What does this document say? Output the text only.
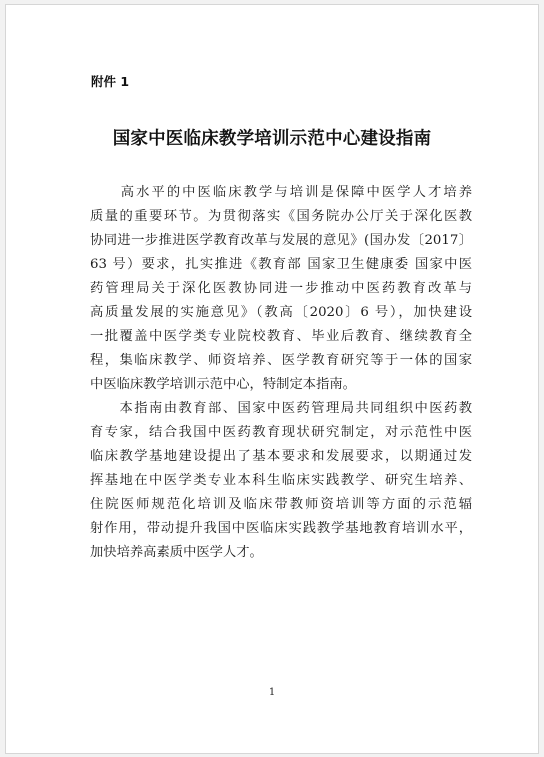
附件 1
国家中医临床教学培训示范中心建设指南
　　高水平的中医临床教学与培训是保障中医学人才培养
质量的重要环节。为贯彻落实《国务院办公厅关于深化医教
协同进一步推进医学教育改革与发展的意见》(国办发〔2017〕
63 号）要求，扎实推进《教育部 国家卫生健康委 国家中医
药管理局关于深化医教协同进一步推动中医药教育改革与
高质量发展的实施意见》（教高〔2020〕6 号），加快建设
一批覆盖中医学类专业院校教育、毕业后教育、继续教育全
程，集临床教学、师资培养、医学教育研究等于一体的国家
中医临床教学培训示范中心，特制定本指南。
　　本指南由教育部、国家中医药管理局共同组织中医药教
育专家，结合我国中医药教育现状研究制定，对示范性中医
临床教学基地建设提出了基本要求和发展要求，以期通过发
挥基地在中医学类专业本科生临床实践教学、研究生培养、
住院医师规范化培训及临床带教师资培训等方面的示范辐
射作用，带动提升我国中医临床实践教学基地教育培训水平，
加快培养高素质中医学人才。
1
